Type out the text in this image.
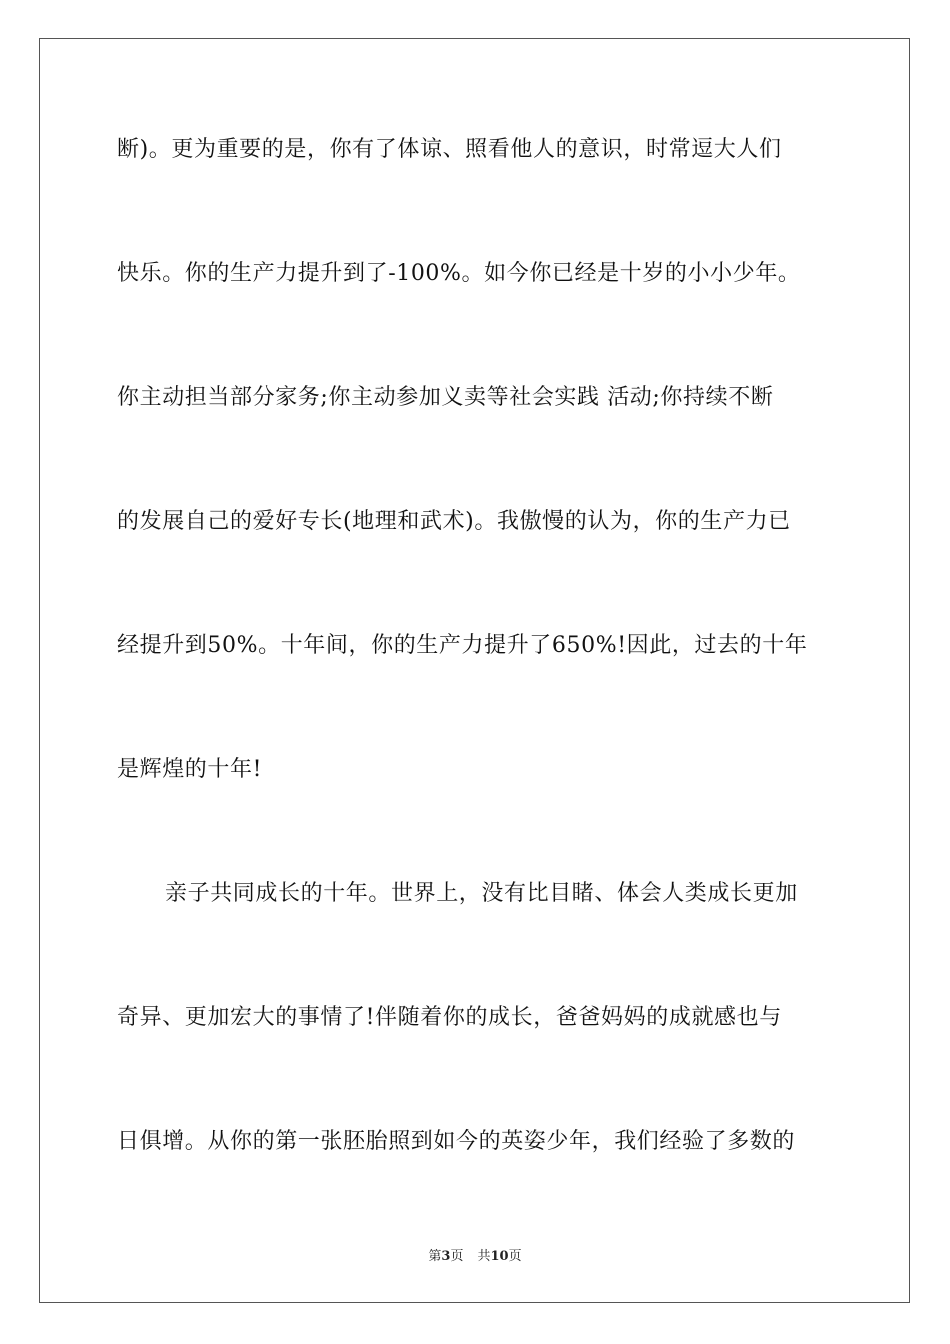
断)。更为重要的是，你有了体谅、照看他人的意识，时常逗大人们
快乐。你的生产力提升到了-100%。如今你已经是十岁的小小少年。
你主动担当部分家务;你主动参加义卖等社会实践 活动;你持续不断
的发展自己的爱好专长(地理和武术)。我傲慢的认为，你的生产力已
经提升到50%。十年间，你的生产力提升了650%!因此，过去的十年
是辉煌的十年!
亲子共同成长的十年。世界上，没有比目睹、体会人类成长更加
奇异、更加宏大的事情了!伴随着你的成长，爸爸妈妈的成就感也与
日俱增。从你的第一张胚胎照到如今的英姿少年，我们经验了多数的
第3页 共10页
